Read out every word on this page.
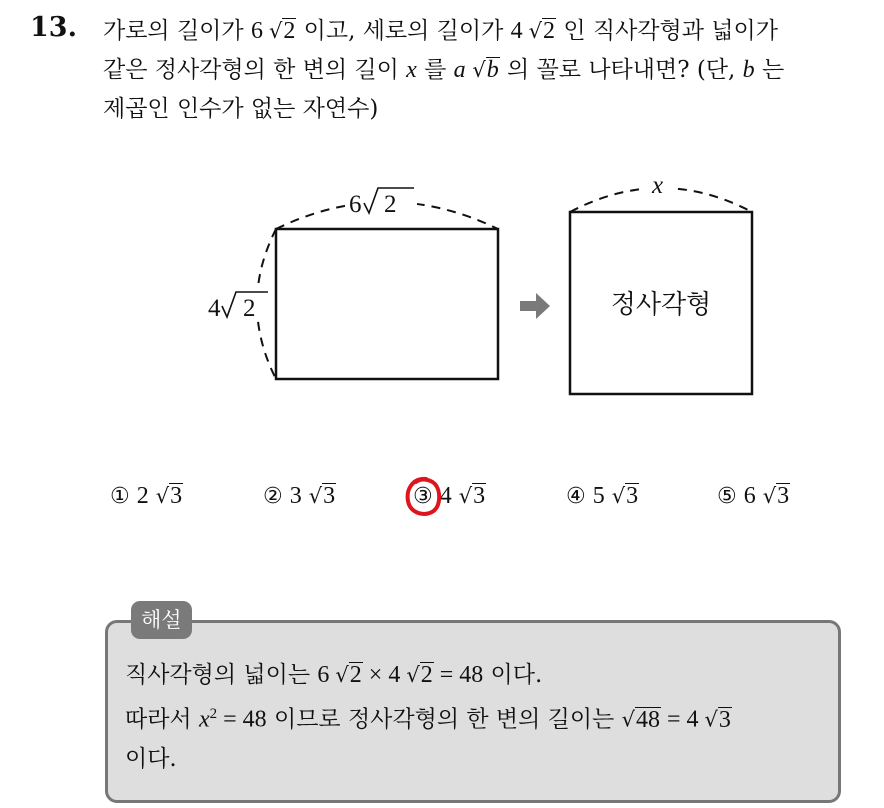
13. 가로의 길이가 6 √2 이고, 세로의 길이가 4 √2 인 직사각형과 넓이가

같은 정사각형의 한 변의 길이 x 를 a √b 의 꼴로 나타내면? (단, b 는

제곱인 인수가 없는 자연수)

6 2
4 2
x
정사각형
① 2 √3	② 3 √3	③ 4 √3	④ 5 √3	⑤ 6 √3
해설

직사각형의 넓이는 6 √2 × 4 √2 = 48 이다.

따라서 $x^2 = 48$ 이므로 정사각형의 한 변의 길이는 √48 = 4 √3

이다.
